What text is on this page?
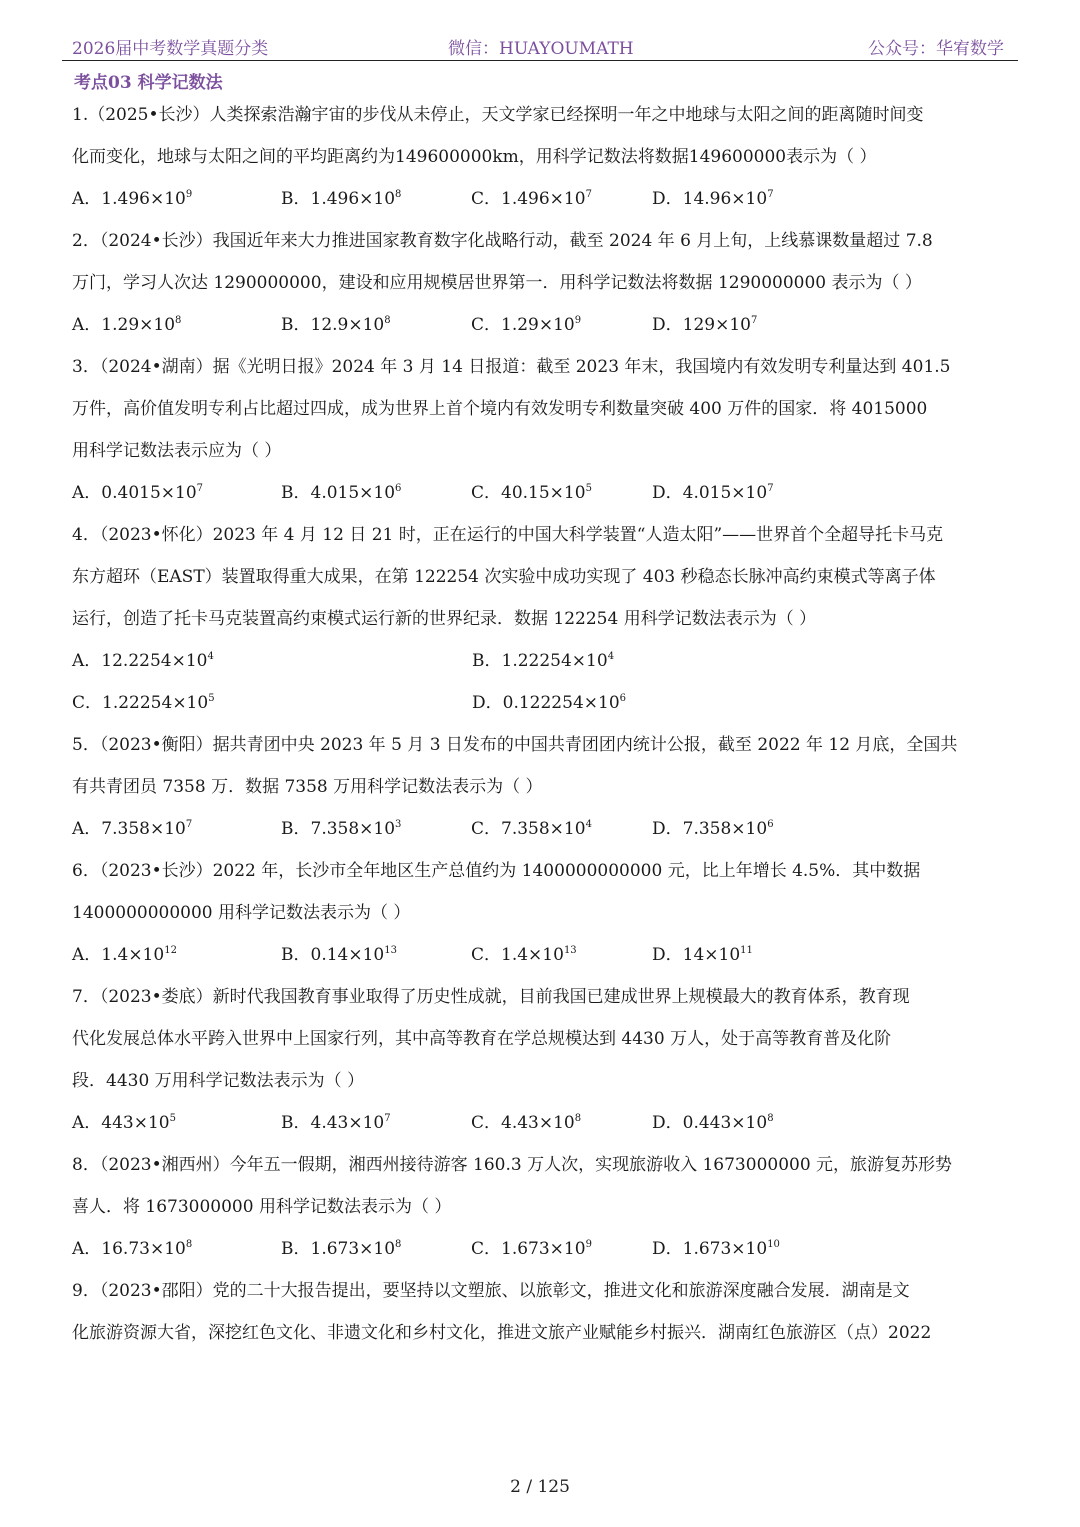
2026届中考数学真题分类	微信：HUAYOUMATH	公众号：华宥数学
考点03 科学记数法
1.（2025•长沙）人类探索浩瀚宇宙的步伐从未停止，天文学家已经探明一年之中地球与太阳之间的距离随时间变
化而变化，地球与太阳之间的平均距离约为149600000km，用科学记数法将数据149600000表示为（ ）
A．$1.496\times 10^9$	B．$1.496\times 10^8$	C．$1.496\times 10^7$	D．$14.96\times 10^7$
2．（2024•长沙）我国近年来大力推进国家教育数字化战略行动，截至 2024 年 6 月上旬，上线慕课数量超过 7.8
万门，学习人次达 1290000000，建设和应用规模居世界第一．用科学记数法将数据 1290000000 表示为（ ）
A．$1.29\times 10^8$	B．$12.9\times 10^8$	C．$1.29\times 10^9$	D．$129\times 10^7$
3．（2024•湖南）据《光明日报》2024 年 3 月 14 日报道：截至 2023 年末，我国境内有效发明专利量达到 401.5
万件，高价值发明专利占比超过四成，成为世界上首个境内有效发明专利数量突破 400 万件的国家．将 4015000
用科学记数法表示应为（ ）
A．$0.4015\times 10^7$	B．$4.015\times 10^6$	C．$40.15\times 10^5$	D．$4.015\times 10^7$
4．（2023•怀化）2023 年 4 月 12 日 21 时，正在运行的中国大科学装置“人造太阳”——世界首个全超导托卡马克
东方超环（EAST）装置取得重大成果，在第 122254 次实验中成功实现了 403 秒稳态长脉冲高约束模式等离子体
运行，创造了托卡马克装置高约束模式运行新的世界纪录．数据 122254 用科学记数法表示为（ ）
A．$12.2254\times 10^4$	B．$1.22254\times 10^4$
C．$1.22254\times 10^5$	D．$0.122254\times 10^6$
5．（2023•衡阳）据共青团中央 2023 年 5 月 3 日发布的中国共青团团内统计公报，截至 2022 年 12 月底，全国共
有共青团员 7358 万．数据 7358 万用科学记数法表示为（ ）
A．$7.358\times 10^7$	B．$7.358\times 10^3$	C．$7.358\times 10^4$	D．$7.358\times 10^6$
6．（2023•长沙）2022 年，长沙市全年地区生产总值约为 1400000000000 元，比上年增长 4.5%．其中数据
1400000000000 用科学记数法表示为（ ）
A．$1.4\times 10^{12}$	B．$0.14\times 10^{13}$	C．$1.4\times 10^{13}$	D．$14\times 10^{11}$
7．（2023•娄底）新时代我国教育事业取得了历史性成就，目前我国已建成世界上规模最大的教育体系，教育现
代化发展总体水平跨入世界中上国家行列，其中高等教育在学总规模达到 4430 万人，处于高等教育普及化阶
段．4430 万用科学记数法表示为（ ）
A．$443\times 10^5$	B．$4.43\times 10^7$	C．$4.43\times 10^8$	D．$0.443\times 10^8$
8．（2023•湘西州）今年五一假期，湘西州接待游客 160.3 万人次，实现旅游收入 1673000000 元，旅游复苏形势
喜人．将 1673000000 用科学记数法表示为（ ）
A．$16.73\times 10^8$	B．$1.673\times 10^8$	C．$1.673\times 10^9$	D．$1.673\times 10^{10}$
9．（2023•邵阳）党的二十大报告提出，要坚持以文塑旅、以旅彰文，推进文化和旅游深度融合发展．湖南是文
化旅游资源大省，深挖红色文化、非遗文化和乡村文化，推进文旅产业赋能乡村振兴．湖南红色旅游区（点）2022
2 / 125
